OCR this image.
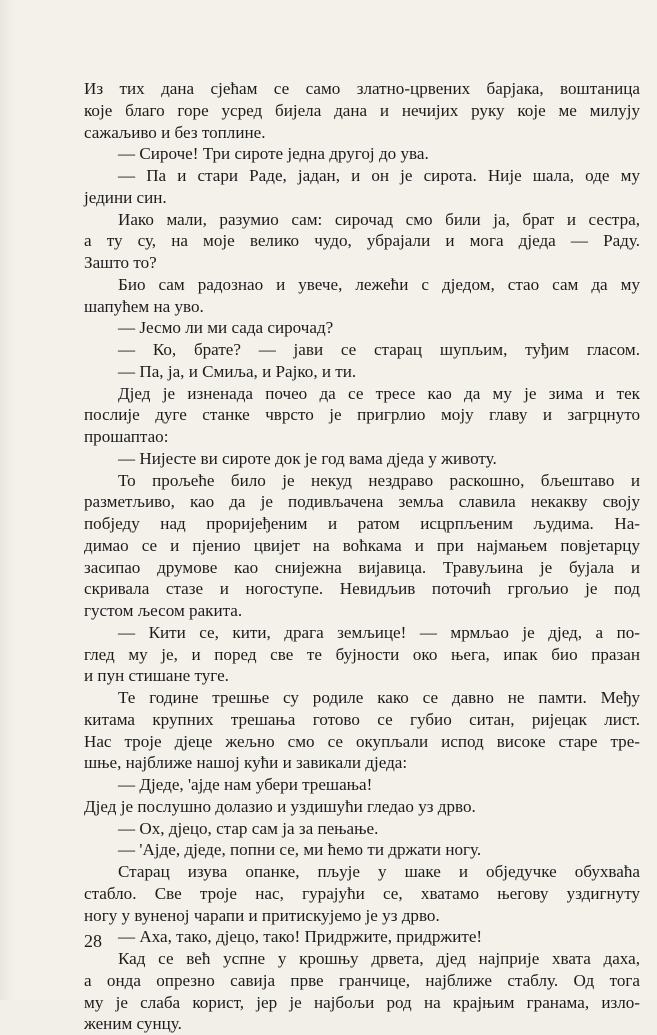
Из тих дана сјећам се само златно-црвених барјака, воштаница
које благо горе усред бијела дана и нечијих руку које ме милују
сажаљиво и без топлине.
— Сироче! Три сироте једна другој до ува.
— Па и стари Раде, јадан, и он је сирота. Није шала, оде му
једини син.
Иако мали, разумио сам: сирочад смо били ја, брат и сестра,
а ту су, на моје велико чудо, убрајали и мога дједа — Раду.
Зашто то?
Био сам радознао и увече, лежећи с дједом, стао сам да му
шапућем на уво.
— Јесмо ли ми сада сирочад?
— Ко, брате? — јави се старац шупљим, туђим гласом.
— Па, ја, и Смиља, и Рајко, и ти.
Дјед је изненада почео да се тресе као да му је зима и тек
послије дуге станке чврсто је пригрлио моју главу и загрцнуто
прошаптао:
— Нијесте ви сироте док је год вама дједа у животу.
То прољеће било је некуд нездраво раскошно, бљештаво и
разметљиво, као да је подивљачена земља славила некакву своју
побједу над проријеђеним и ратом исцрпљеним људима. На-
димао се и пјенио цвијет на воћкама и при најмањем повјетарцу
засипао друмове као снијежна вијавица. Травуљина је бујала и
скривала стазе и ногоступе. Невидљив поточић гргољио је под
густом љесом ракита.
— Кити се, кити, драга земљице! — мрмљао је дјед, а по-
глед му је, и поред све те бујности око њега, ипак био празан
и пун стишане туге.
Те године трешње су родиле како се давно не памти. Међу
китама крупних трешања готово се губио ситан, ријецак лист.
Нас троје дјеце жељно смо се окупљали испод високе старе тре-
шње, најближе нашој кући и завикали дједа:
— Дједе, 'ајде нам убери трешања!
Дјед је послушно долазио и уздишући гледао уз дрво.
— Ох, дјецо, стар сам ја за пењање.
— 'Ајде, дједе, попни се, ми ћемо ти држати ногу.
Старац изува опанке, пљује у шаке и обједучке обухваћа
стабло. Све троје нас, гурајући се, хватамо његову уздигнуту
ногу у вуненој чарапи и притискујемо је уз дрво.
— Аха, тако, дјецо, тако! Придржите, придржите!
Кад се већ успне у крошњу дрвета, дјед најприје хвата даха,
а онда опрезно савија прве гранчице, најближе стаблу. Од тога
му је слаба корист, јер је најбољи род на крајњим гранама, изло-
женим сунцу.
28
